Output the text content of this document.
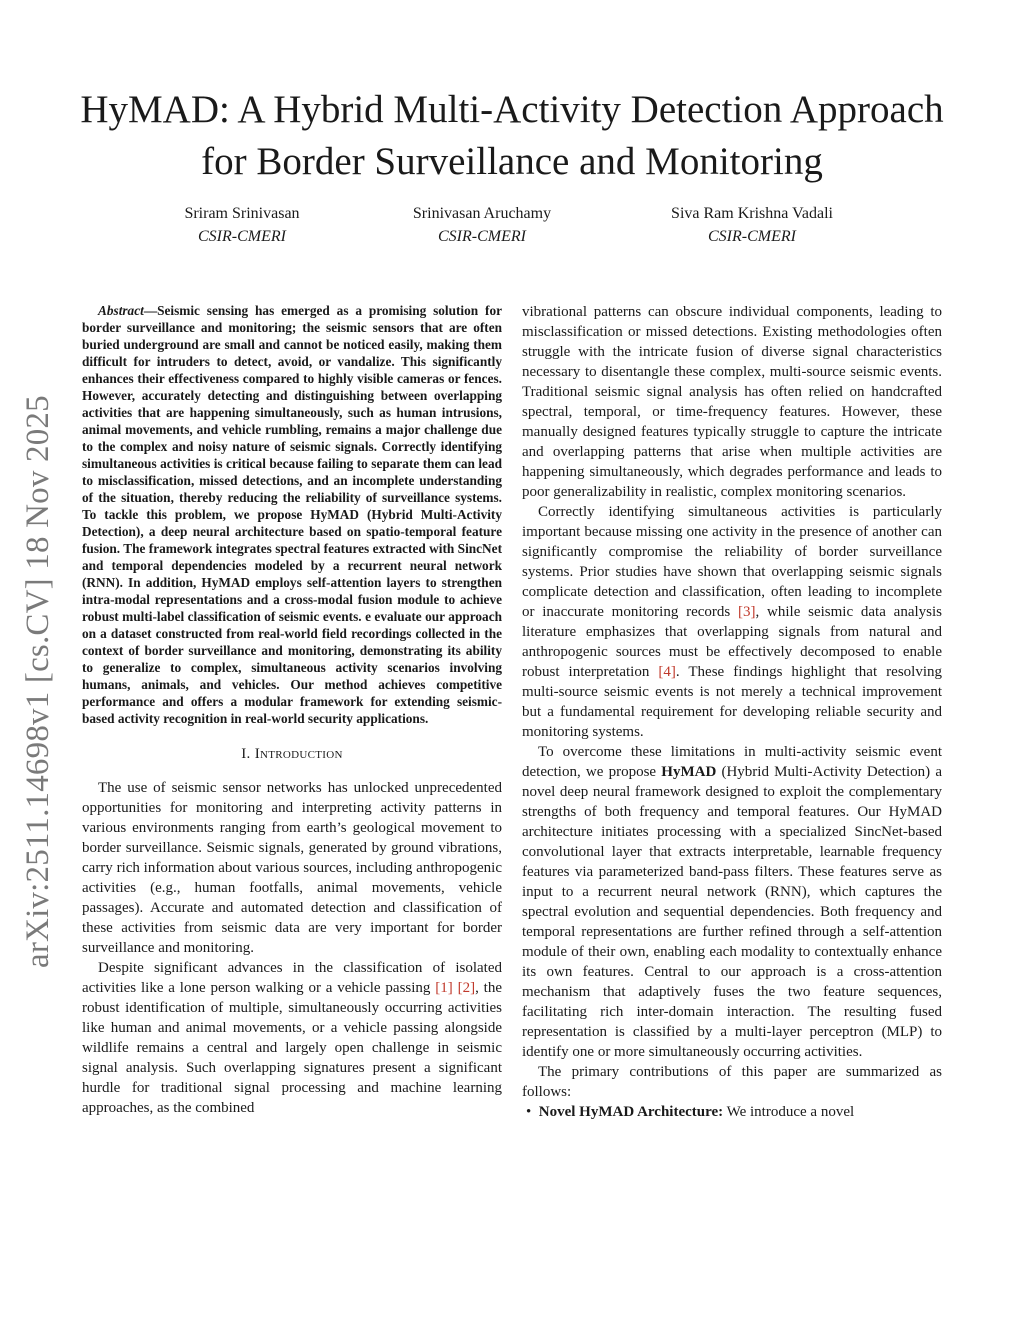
arXiv:2511.14698v1 [cs.CV] 18 Nov 2025
HyMAD: A Hybrid Multi-Activity Detection Approach for Border Surveillance and Monitoring
Sriram Srinivasan
CSIR-CMERI
Srinivasan Aruchamy
CSIR-CMERI
Siva Ram Krishna Vadali
CSIR-CMERI

Abstract—Seismic sensing has emerged as a promising solution for border surveillance and monitoring; the seismic sensors that are often buried underground are small and cannot be noticed easily, making them difficult for intruders to detect, avoid, or vandalize. This significantly enhances their effectiveness compared to highly visible cameras or fences. However, accurately detecting and distinguishing between overlapping activities that are happening simultaneously, such as human intrusions, animal movements, and vehicle rumbling, remains a major challenge due to the complex and noisy nature of seismic signals. Correctly identifying simultaneous activities is critical because failing to separate them can lead to misclassification, missed detections, and an incomplete understanding of the situation, thereby reducing the reliability of surveillance systems. To tackle this problem, we propose HyMAD (Hybrid Multi-Activity Detection), a deep neural architecture based on spatio-temporal feature fusion. The framework integrates spectral features extracted with SincNet and temporal dependencies modeled by a recurrent neural network (RNN). In addition, HyMAD employs self-attention layers to strengthen intra-modal representations and a cross-modal fusion module to achieve robust multi-label classification of seismic events. e evaluate our approach on a dataset constructed from real-world field recordings collected in the context of border surveillance and monitoring, demonstrating its ability to generalize to complex, simultaneous activity scenarios involving humans, animals, and vehicles. Our method achieves competitive performance and offers a modular framework for extending seismic-based activity recognition in real-world security applications.

I. Introduction

The use of seismic sensor networks has unlocked unprecedented opportunities for monitoring and interpreting activity patterns in various environments ranging from earth’s geological movement to border surveillance. Seismic signals, generated by ground vibrations, carry rich information about various sources, including anthropogenic activities (e.g., human footfalls, animal movements, vehicle passages). Accurate and automated detection and classification of these activities from seismic data are very important for border surveillance and monitoring.

Despite significant advances in the classification of isolated activities like a lone person walking or a vehicle passing [1] [2], the robust identification of multiple, simultaneously occurring activities like human and animal movements, or a vehicle passing alongside wildlife remains a central and largely open challenge in seismic signal analysis. Such overlapping signatures present a significant hurdle for traditional signal processing and machine learning approaches, as the combined

vibrational patterns can obscure individual components, leading to misclassification or missed detections. Existing methodologies often struggle with the intricate fusion of diverse signal characteristics necessary to disentangle these complex, multi-source seismic events. Traditional seismic signal analysis has often relied on handcrafted spectral, temporal, or time-frequency features. However, these manually designed features typically struggle to capture the intricate and overlapping patterns that arise when multiple activities are happening simultaneously, which degrades performance and leads to poor generalizability in realistic, complex monitoring scenarios.

Correctly identifying simultaneous activities is particularly important because missing one activity in the presence of another can significantly compromise the reliability of border surveillance systems. Prior studies have shown that overlapping seismic signals complicate detection and classification, often leading to incomplete or inaccurate monitoring records [3], while seismic data analysis literature emphasizes that overlapping signals from natural and anthropogenic sources must be effectively decomposed to enable robust interpretation [4]. These findings highlight that resolving multi-source seismic events is not merely a technical improvement but a fundamental requirement for developing reliable security and monitoring systems.

To overcome these limitations in multi-activity seismic event detection, we propose HyMAD (Hybrid Multi-Activity Detection) a novel deep neural framework designed to exploit the complementary strengths of both frequency and temporal features. Our HyMAD architecture initiates processing with a specialized SincNet-based convolutional layer that extracts interpretable, learnable frequency features via parameterized band-pass filters. These features serve as input to a recurrent neural network (RNN), which captures the spectral evolution and sequential dependencies. Both frequency and temporal representations are further refined through a self-attention module of their own, enabling each modality to contextually enhance its own features. Central to our approach is a cross-attention mechanism that adaptively fuses the two feature sequences, facilitating rich inter-domain interaction. The resulting fused representation is classified by a multi-layer perceptron (MLP) to identify one or more simultaneously occurring activities.

The primary contributions of this paper are summarized as follows:

•  Novel HyMAD Architecture: We introduce a novel
